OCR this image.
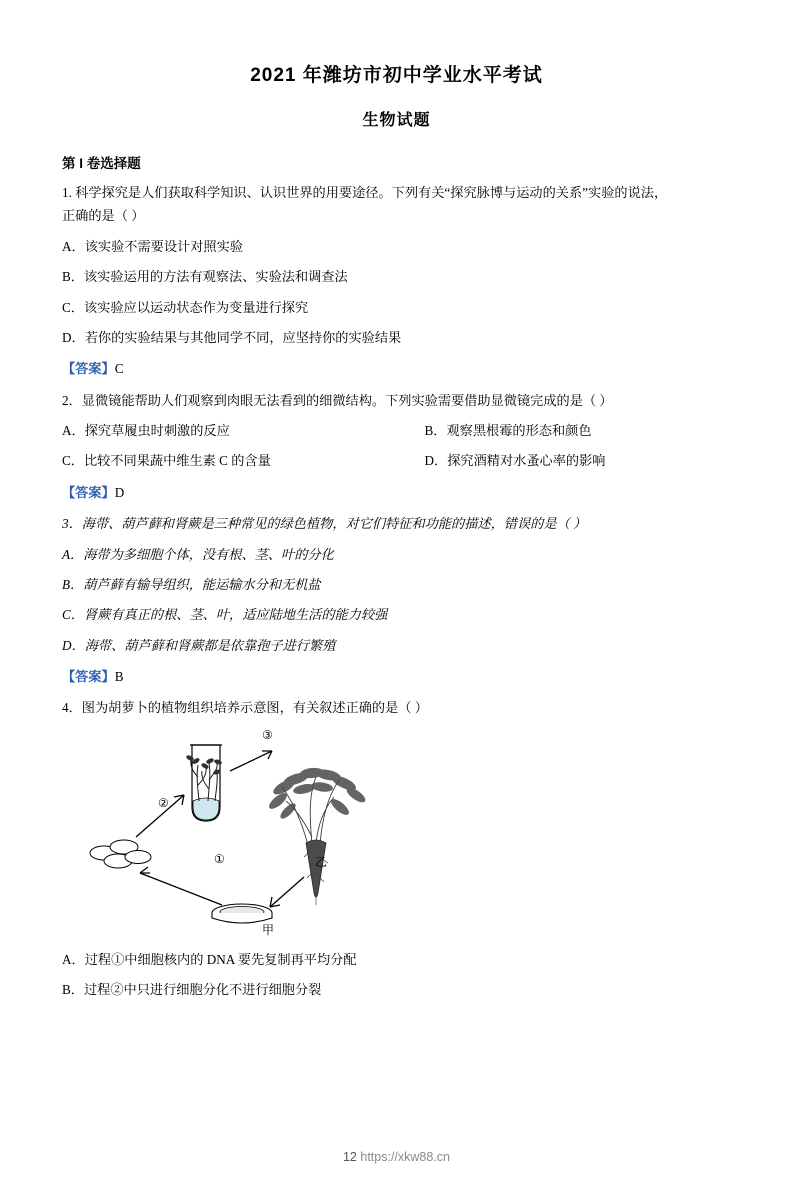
2021 年潍坊市初中学业水平考试
生物试题
第 I 卷选择题
1. 科学探究是人们获取科学知识、认识世界的用要途径。下列有关“探究脉博与运动的关系”实验的说法，
正确的是（ ）
A．该实验不需要设计对照实验
B．该实验运用的方法有观察法、实验法和调查法
C．该实验应以运动状态作为变量进行探究
D．若你的实验结果与其他同学不同，应坚持你的实验结果
【答案】C
2．显微镜能帮助人们观察到肉眼无法看到的细微结构。下列实验需要借助显微镜完成的是（ ）
A．探究草履虫时刺激的反应	B．观察黑根霉的形态和颜色
C．比较不同果蔬中维生素 C 的含量	D．探究酒精对水蚤心率的影响
【答案】D
3．海带、葫芦藓和肾蕨是三种常见的绿色植物，对它们特征和功能的描述，错误的是（ ）
A．海带为多细胞个体，没有根、茎、叶的分化
B．葫芦藓有输导组织，能运输水分和无机盐
C．肾蕨有真正的根、茎、叶，适应陆地生活的能力较强
D．海带、葫芦藓和肾蕨都是依靠孢子进行繁殖
【答案】B
4．图为胡萝卜的植物组织培养示意图，有关叙述正确的是（ ）
③
②
①
甲
乙
A．过程①中细胞核内的 DNA 要先复制再平均分配
B．过程②中只进行细胞分化不进行细胞分裂
12 https://xkw88.cn
